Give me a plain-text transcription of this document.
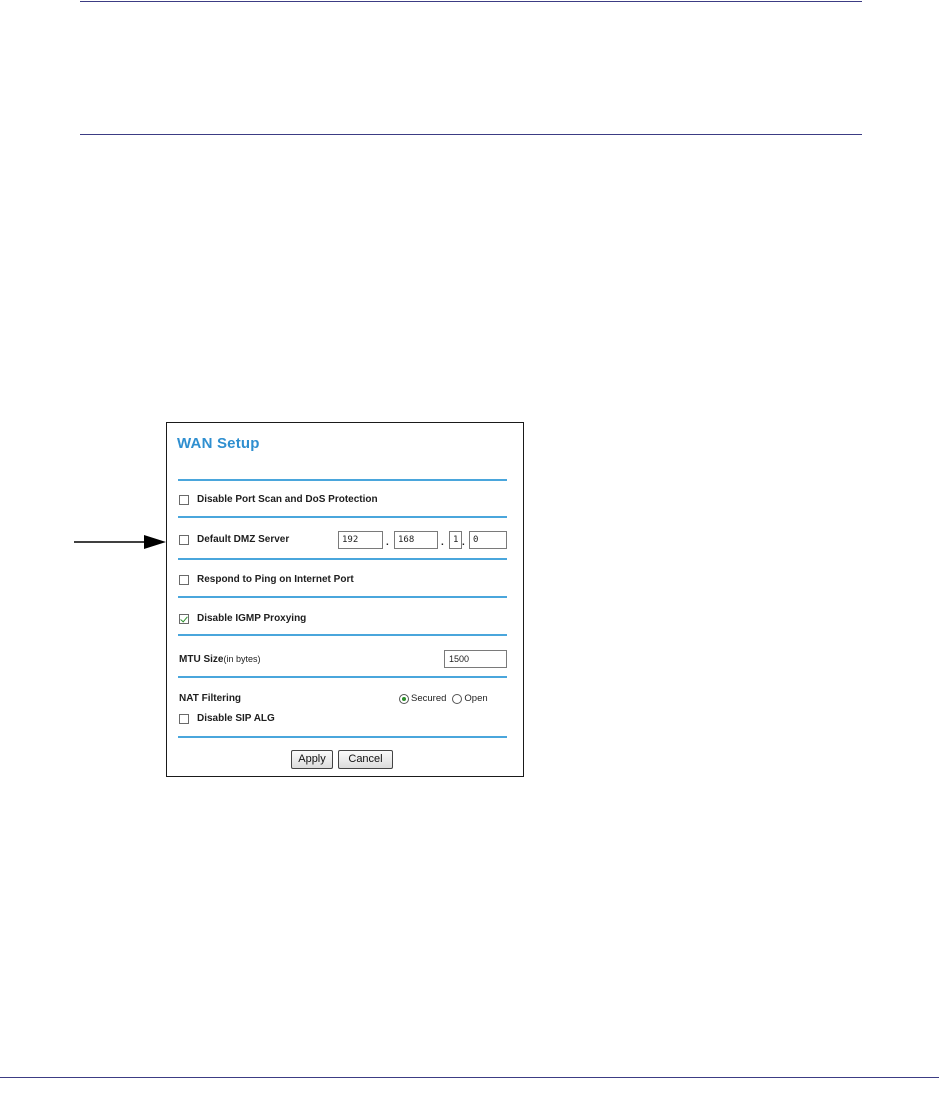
WAN Setup
Disable Port Scan and DoS Protection
Default DMZ Server	192	.	168	.	1 . 0
Respond to Ping on Internet Port
Disable IGMP Proxying
MTU Size(in bytes)	1500
NAT Filtering	Secured Open
Disable SIP ALG
Apply	Cancel
